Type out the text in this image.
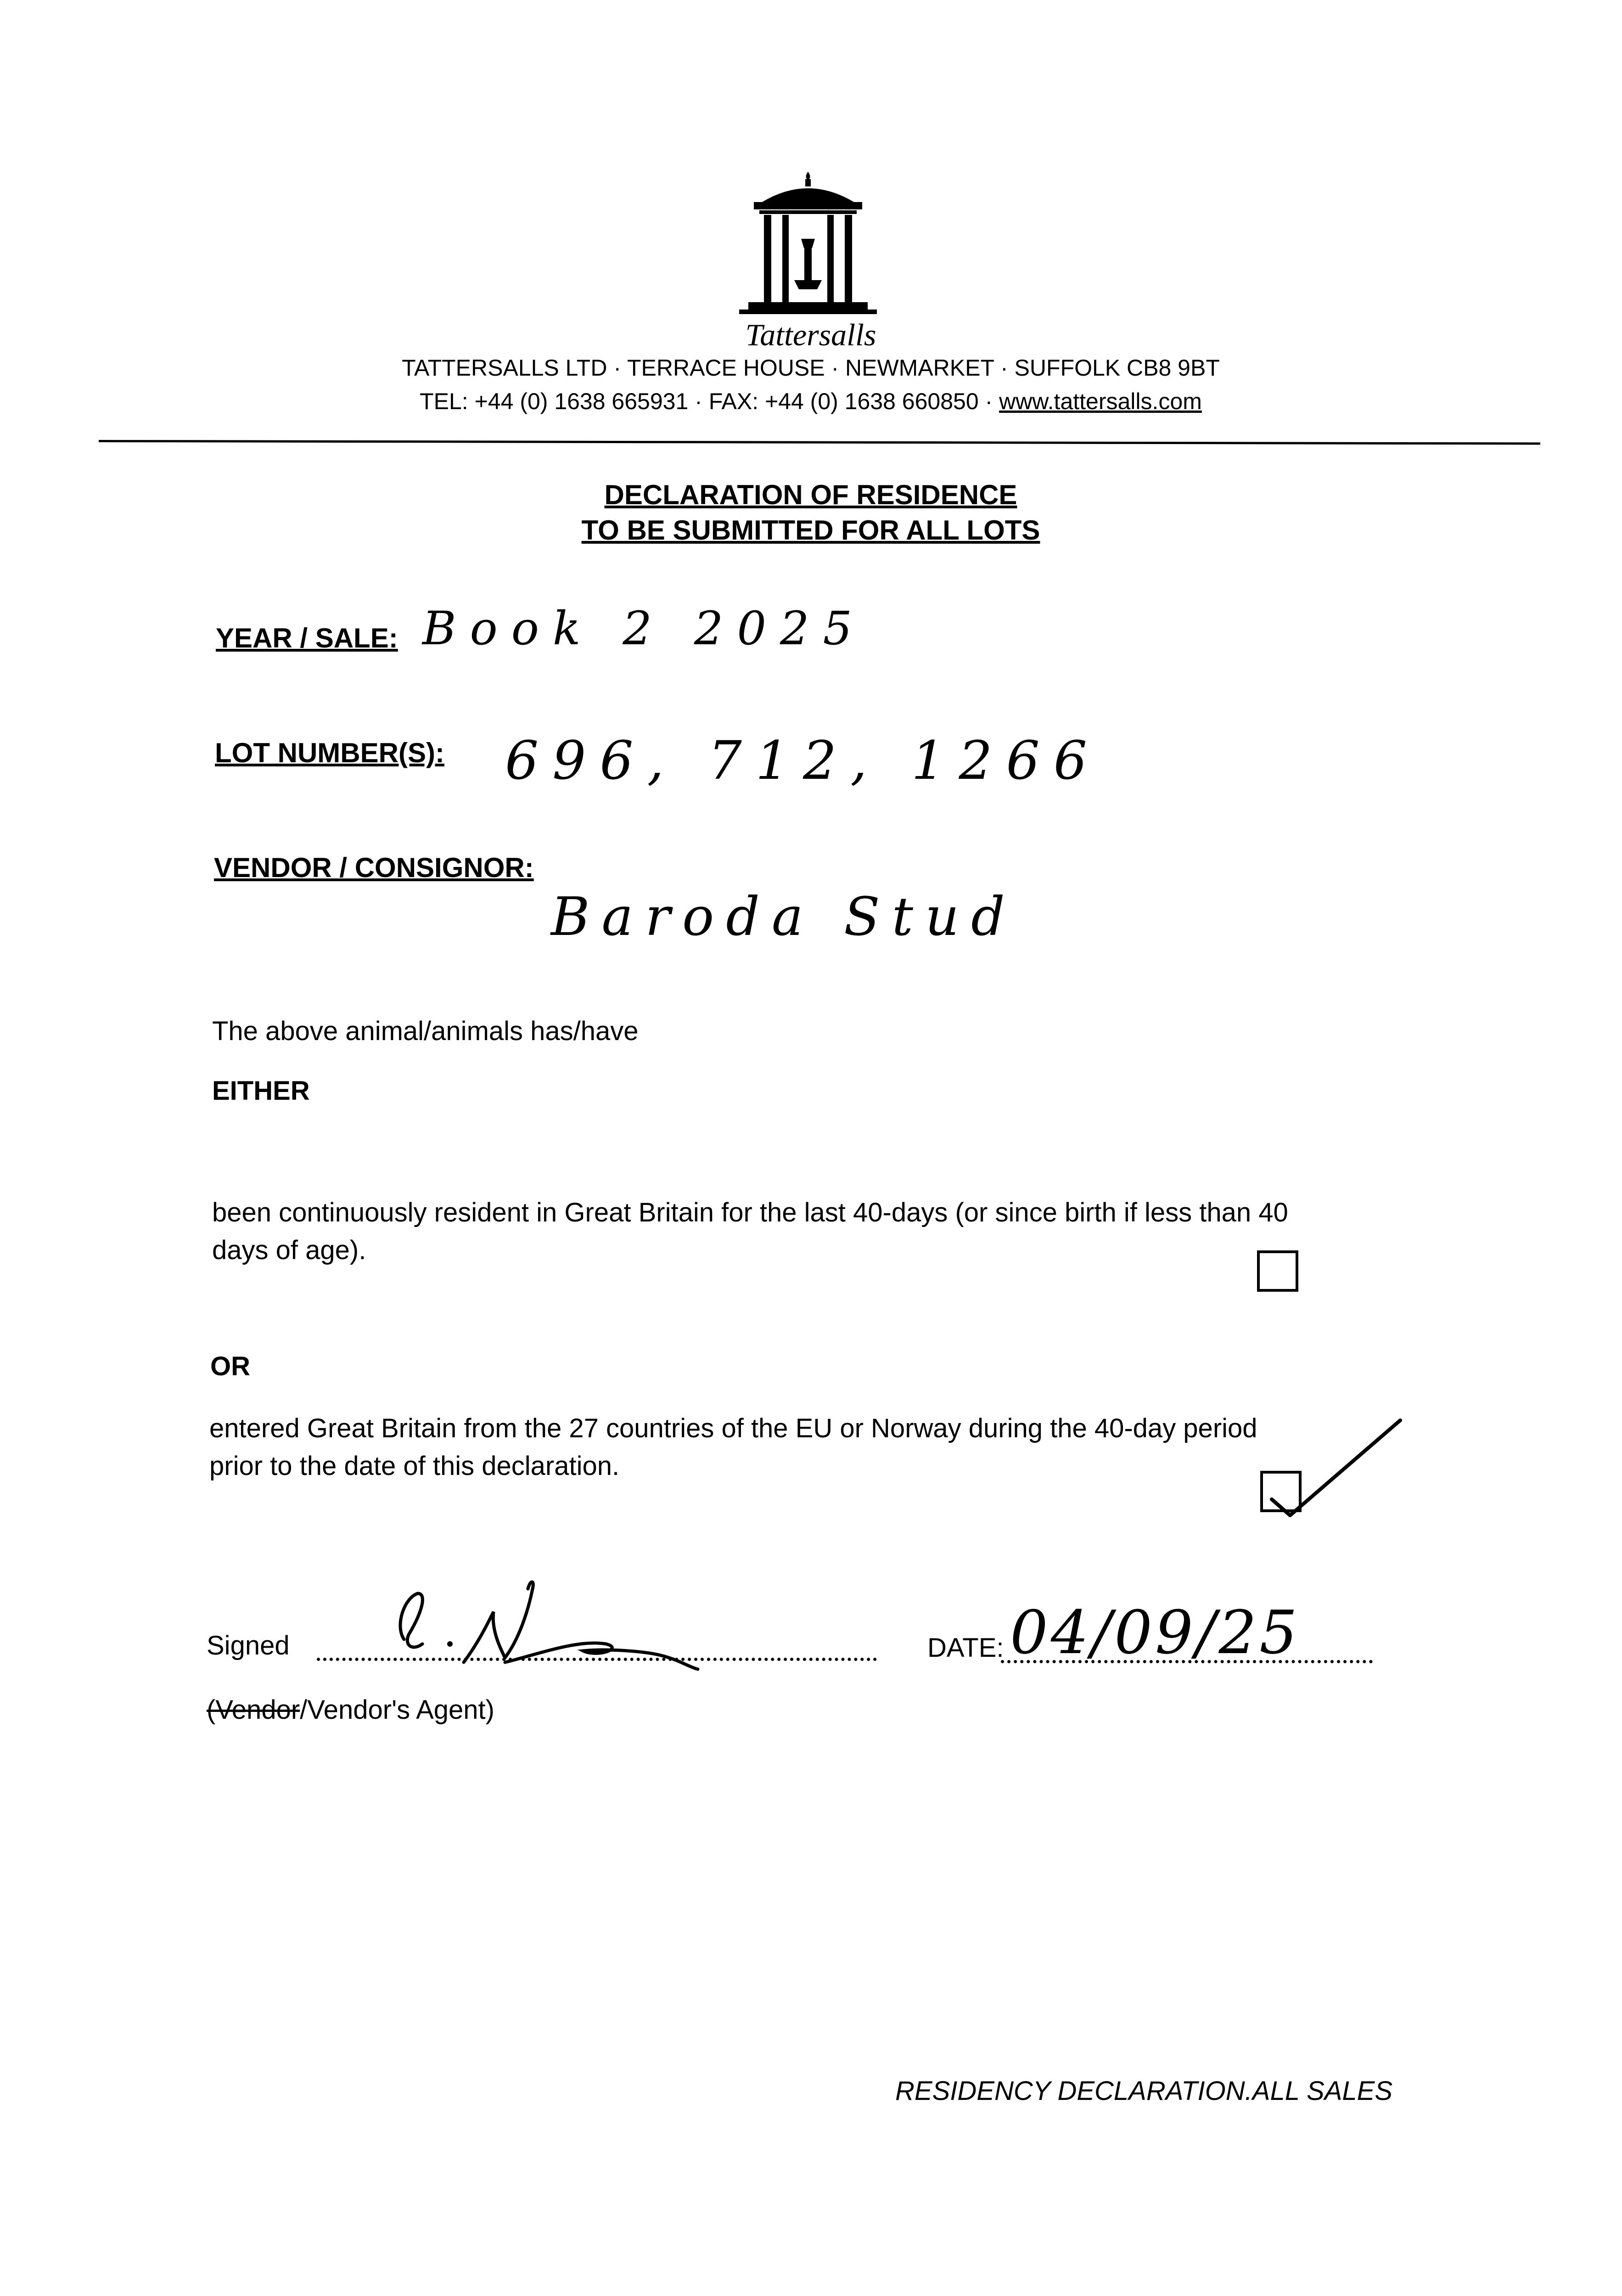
Tattersalls
TATTERSALLS LTD · TERRACE HOUSE · NEWMARKET · SUFFOLK CB8 9BT
TEL: +44 (0) 1638 665931 · FAX: +44 (0) 1638 660850 · www.tattersalls.com
DECLARATION OF RESIDENCE
TO BE SUBMITTED FOR ALL LOTS
YEAR / SALE: Book 2 2025
LOT NUMBER(S): 696, 712, 1266
VENDOR / CONSIGNOR:
Baroda Stud
The above animal/animals has/have
EITHER
been continuously resident in Great Britain for the last 40-days (or since birth if less than 40
days of age).
OR
entered Great Britain from the 27 countries of the EU or Norway during the 40-day period
prior to the date of this declaration.
Signed	DATE: 04/09/25
(Vendor/Vendor's Agent)
RESIDENCY DECLARATION.ALL SALES
